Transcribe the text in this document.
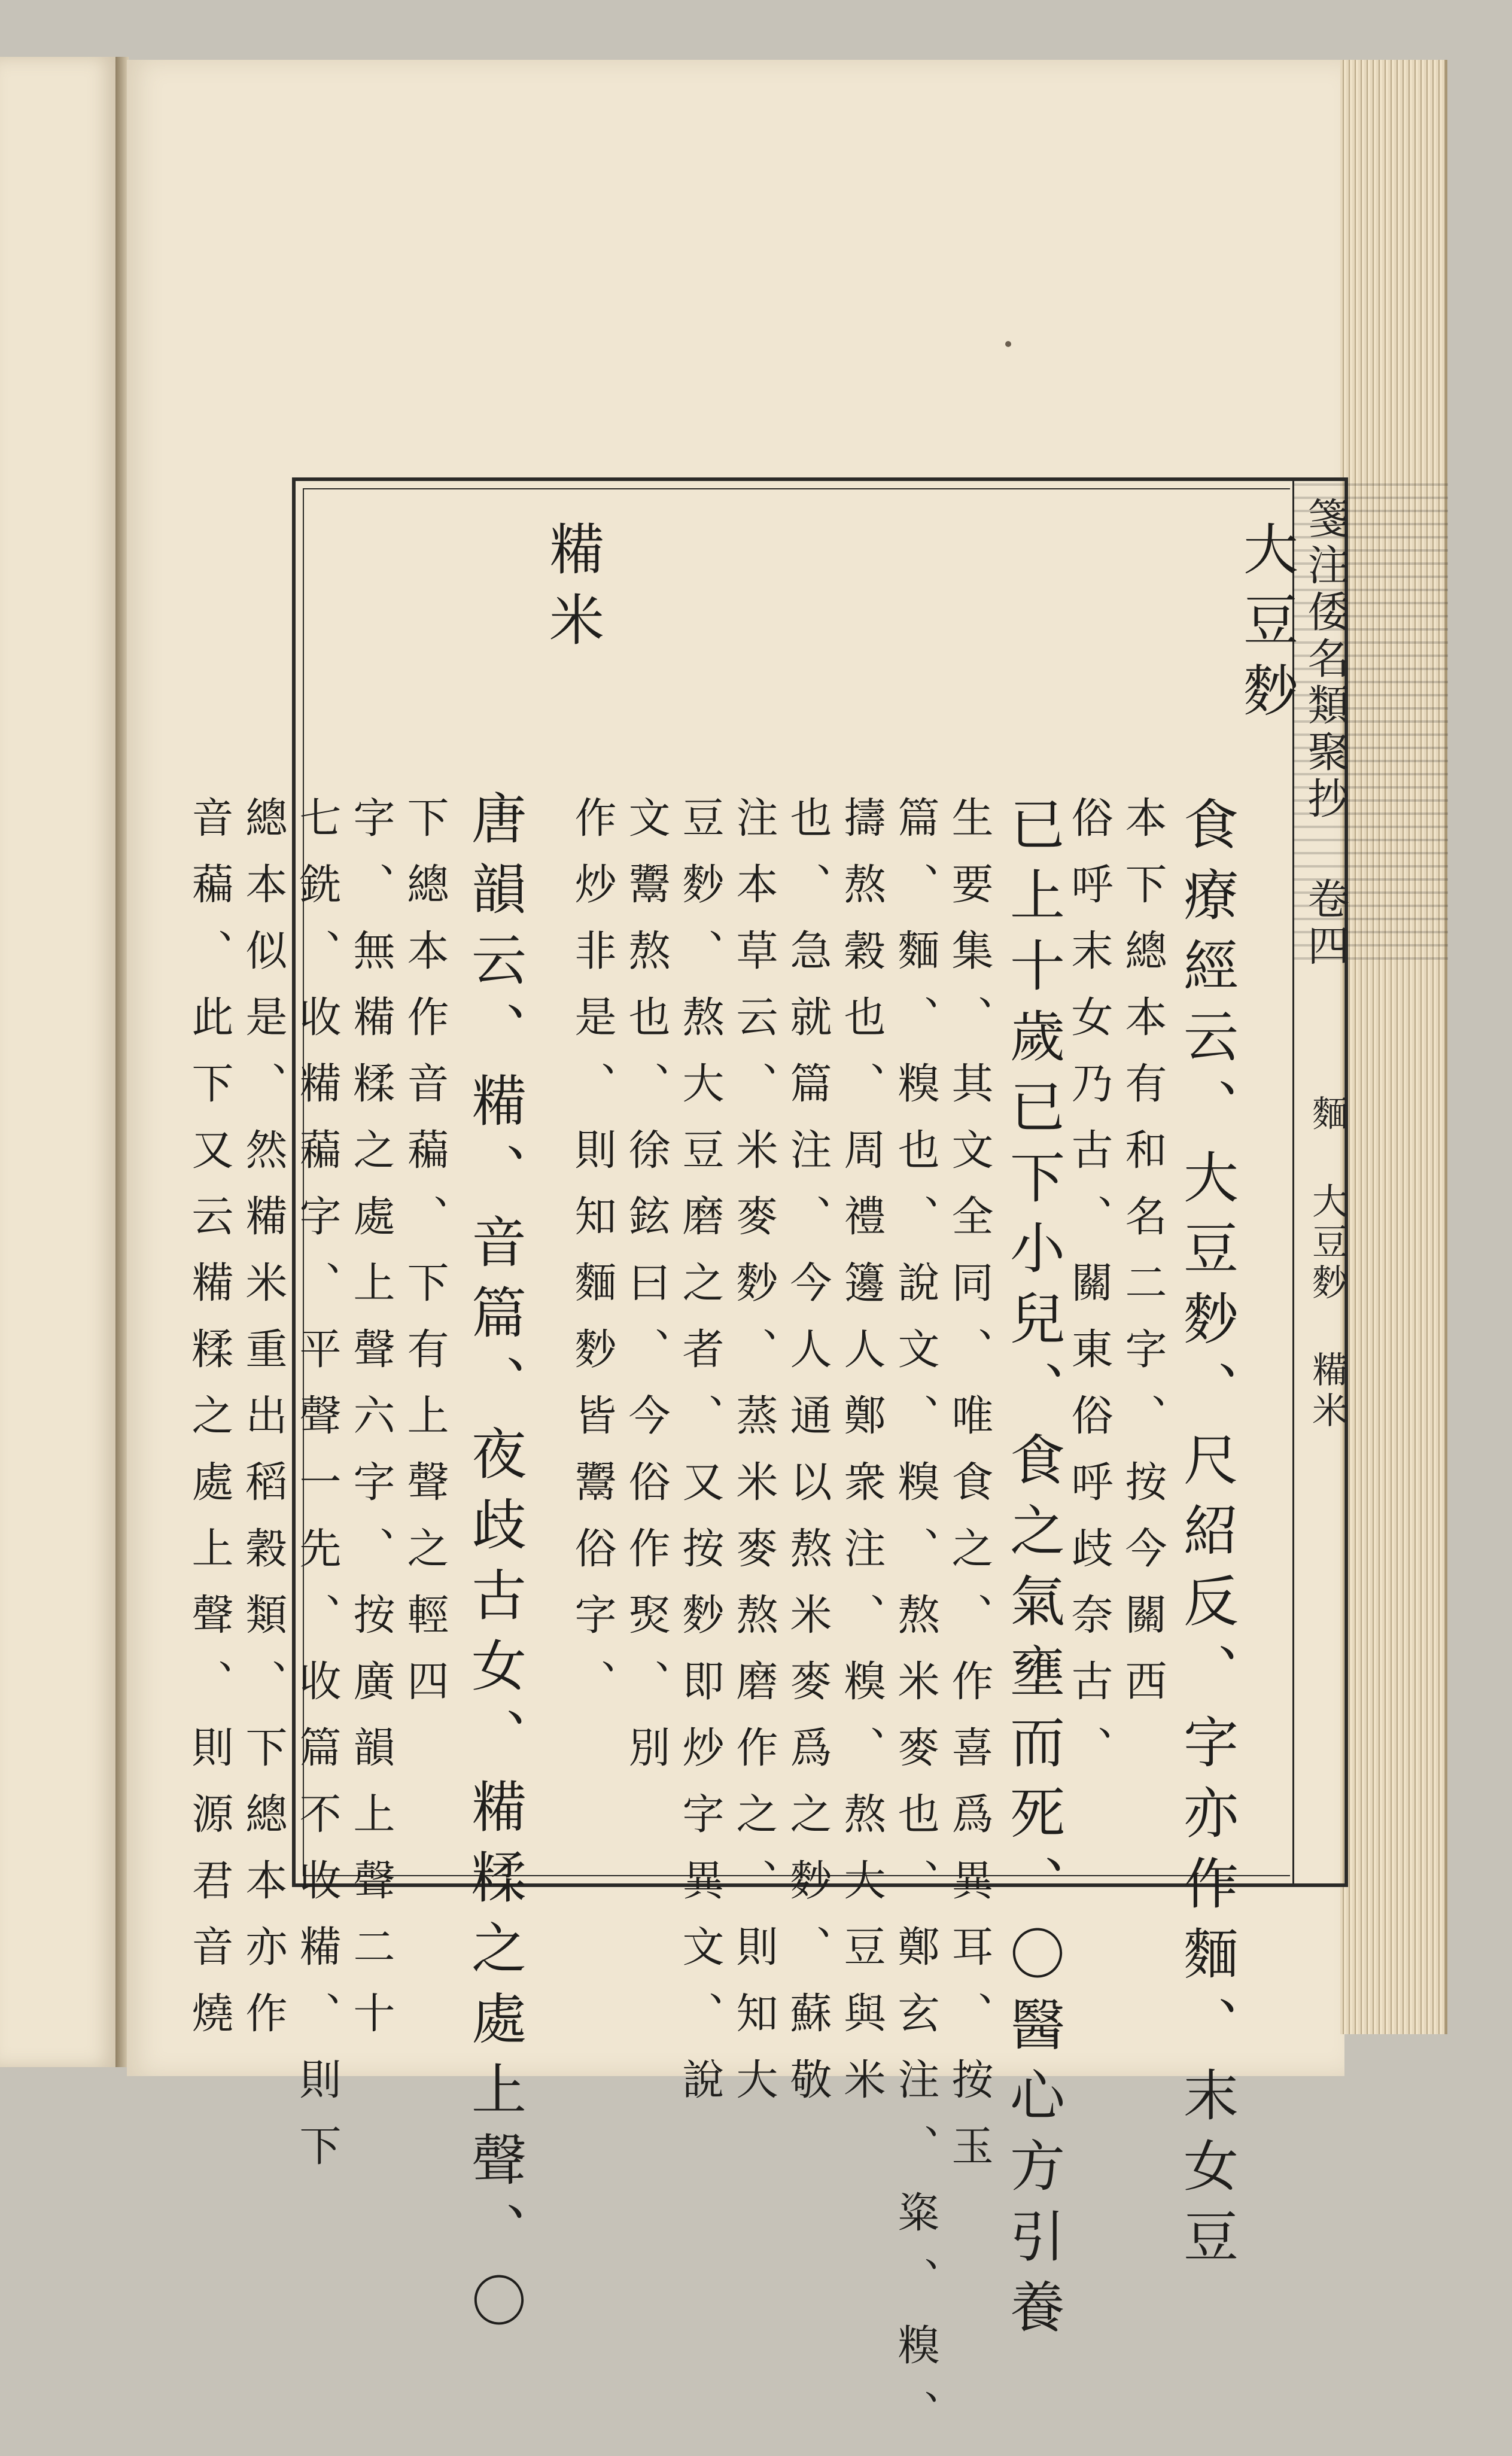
箋注倭名類聚抄 卷四
麵 大豆麨 糒米
大豆麨
食療經云、大豆麨、尺紹反、字亦作麵、末女豆
本下總本有和名二字、按今關西
俗呼末女乃古、關東俗呼歧奈古、
已上十歲已下小兒、食之氣壅而死、〇醫心方引養
生要集、其文全同、唯食之、作喜爲異耳、按玉
篇、麵、糗也、說文、糗、熬米麥也、鄭玄注、粢、糗、
擣熬穀也、周禮籩人鄭衆注、糗、熬大豆與米
也、急就篇注、今人通以熬米麥爲之麨、蘇敬
注本草云、米麥麨、蒸米麥熬磨作之、則知大
豆麨、熬大豆磨之者、又按麨即炒字異文、說
文䰞熬也、徐鉉曰、今俗作㷅、別
作炒非是、則知麵麨皆䰞俗字、
糒米
唐韻云、糒、音篇、夜歧古女、糒糅之處上聲、〇
下總本作音藊、下有上聲之輕四
字、無糒糅之處上聲六字、按廣韻上聲二十
七銑、收糒藊字、平聲一先、收篇不收糒、則下
總本似是、然糒米重出稻穀類、下總本亦作
音藊、此下又云糒糅之處上聲、則源君音燒
